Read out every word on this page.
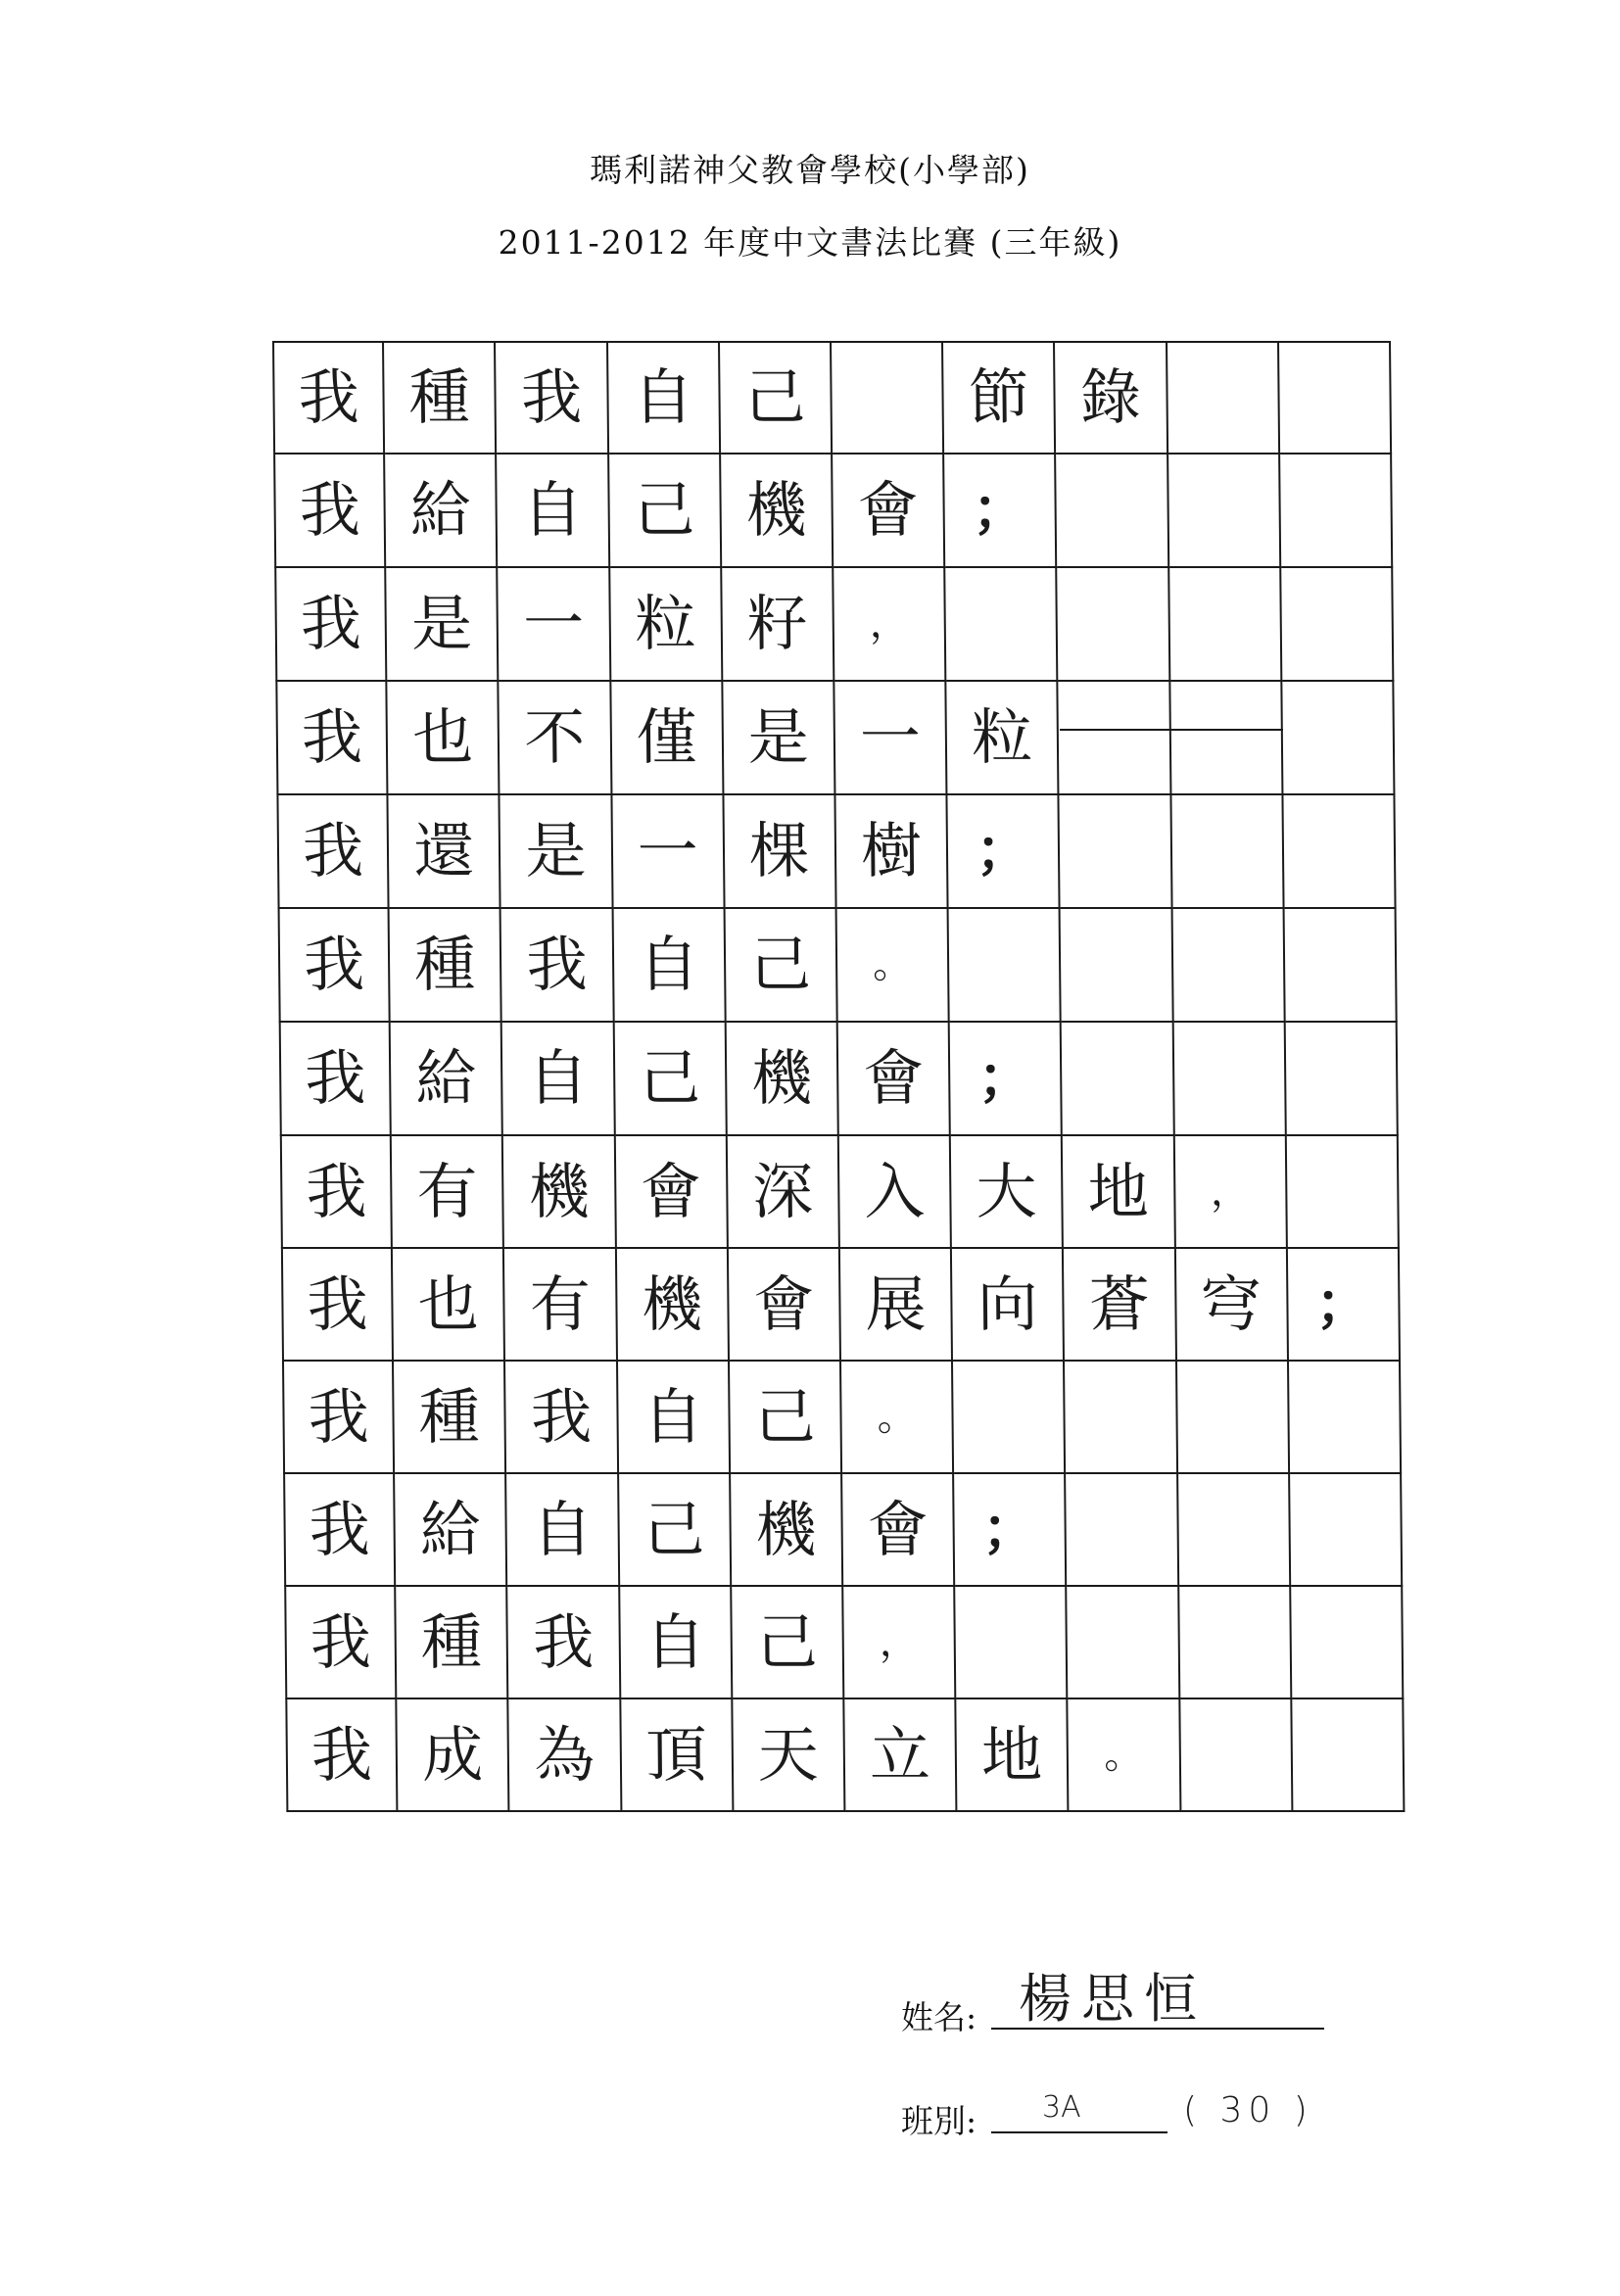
瑪利諾神父教會學校(小學部)
2011-2012 年度中文書法比賽 (三年級)
我 種 我 自 己	節 錄
我 給 自 己 機 會 ；
我 是 一 粒 籽	，
我 也 不 僅 是 一 粒
我 還 是 一 棵 樹 ；
我 種 我 自 己	。
我 給 自 己 機 會 ；
我 有 機 會 深 入 大 地	，
我 也 有 機 會 展 向 蒼 穹 ；
我 種 我 自 己	。
我 給 自 己 機 會 ；
我 種 我 自 己	，
我 成 為 頂 天 立 地	。
姓名: 楊思恒
班別: 3A	( 30 )
